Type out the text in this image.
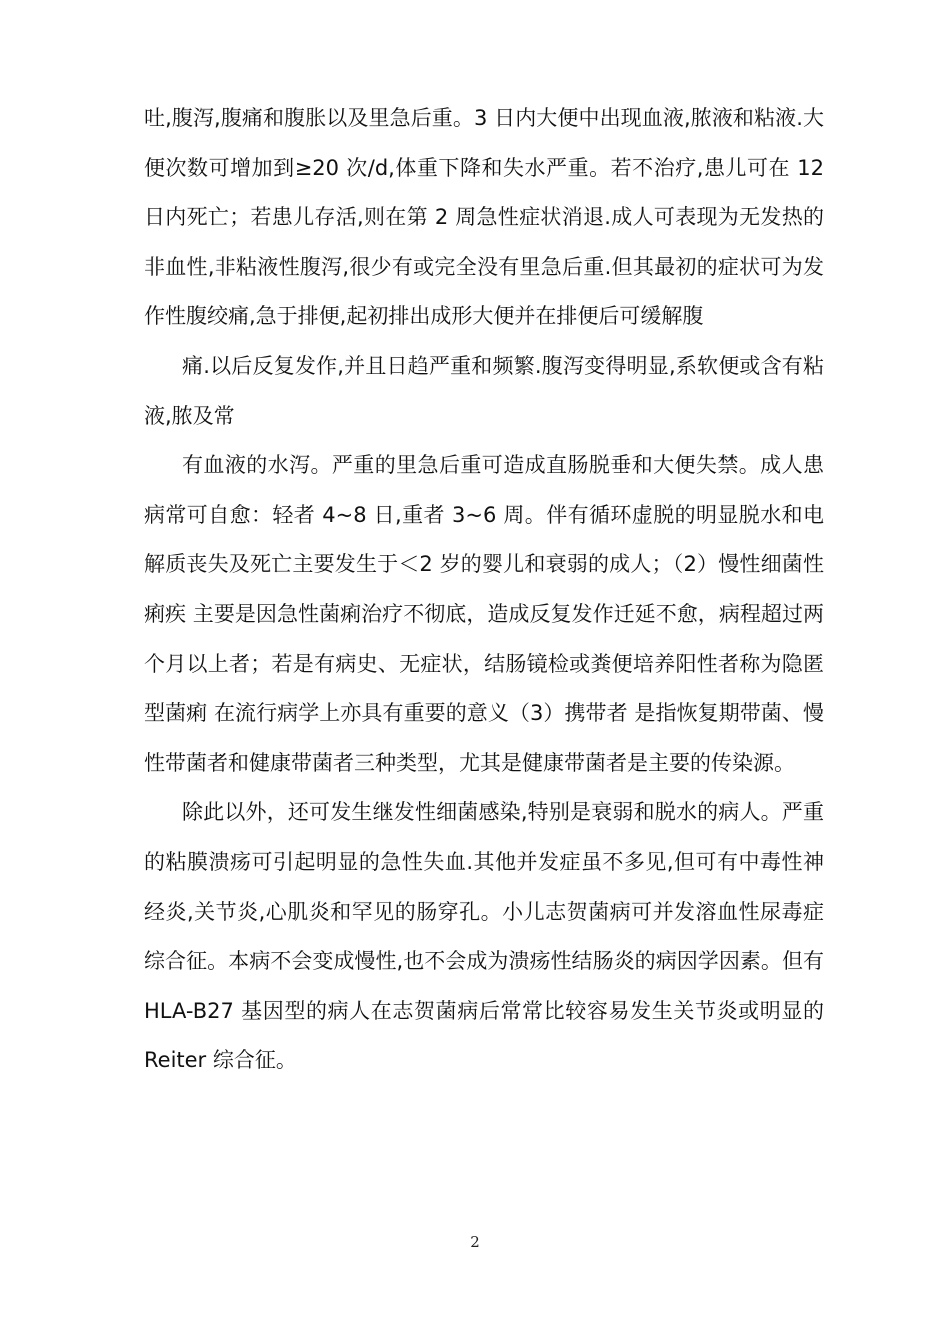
吐,腹泻,腹痛和腹胀以及里急后重。3 日内大便中出现血液,脓液和粘液.大便次数可增加到≥20 次/d,体重下降和失水严重。若不治疗,患儿可在 12 日内死亡；若患儿存活,则在第 2 周急性症状消退.成人可表现为无发热的非血性,非粘液性腹泻,很少有或完全没有里急后重.但其最初的症状可为发作性腹绞痛,急于排便,起初排出成形大便并在排便后可缓解腹

痛.以后反复发作,并且日趋严重和频繁.腹泻变得明显,系软便或含有粘液,脓及常

有血液的水泻。严重的里急后重可造成直肠脱垂和大便失禁。成人患病常可自愈：轻者 4~8 日,重者 3~6 周。伴有循环虚脱的明显脱水和电解质丧失及死亡主要发生于＜2 岁的婴儿和衰弱的成人；（2）慢性细菌性痢疾 主要是因急性菌痢治疗不彻底，造成反复发作迁延不愈，病程超过两个月以上者；若是有病史、无症状，结肠镜检或粪便培养阳性者称为隐匿型菌痢 在流行病学上亦具有重要的意义（3）携带者 是指恢复期带菌、慢性带菌者和健康带菌者三种类型，尤其是健康带菌者是主要的传染源。

除此以外，还可发生继发性细菌感染,特别是衰弱和脱水的病人。严重的粘膜溃疡可引起明显的急性失血.其他并发症虽不多见,但可有中毒性神经炎,关节炎,心肌炎和罕见的肠穿孔。小儿志贺菌病可并发溶血性尿毒症综合征。本病不会变成慢性,也不会成为溃疡性结肠炎的病因学因素。但有 HLA-B27 基因型的病人在志贺菌病后常常比较容易发生关节炎或明显的 Reiter 综合征。

2
